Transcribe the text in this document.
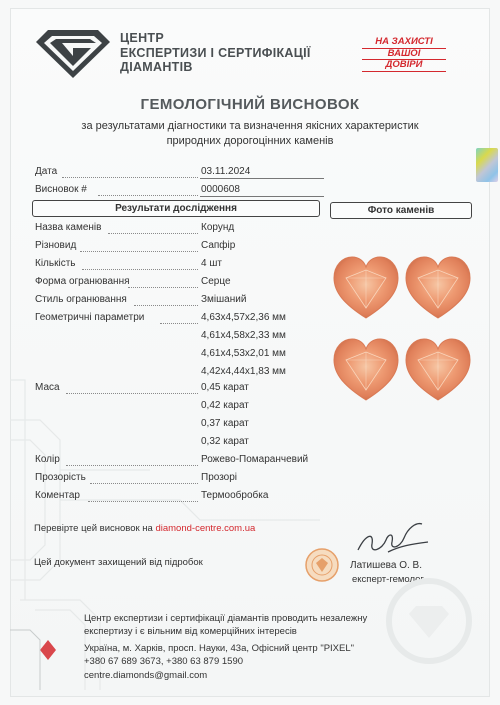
ЦЕНТР
ЕКСПЕРТИЗИ І СЕРТИФІКАЦІЇ
ДІАМАНТІВ
НА ЗАХИСТІ
ВАШОЇ
ДОВІРИ
ГЕМОЛОГІЧНИЙ ВИСНОВОК
за результатами діагностики та визначення якісних характеристик
природних дорогоцінних каменів
Дата	03.11.2024
Висновок #	0000608
Результати дослідження	Фото каменів
Назва каменів	Корунд
Різновид	Сапфір
Кількість	4 шт
Форма огранювання	Серце
Стиль огранювання	Змішаний
Геометричні параметри	4,63x4,57x2,36 мм
4,61x4,58x2,33 мм
4,61x4,53x2,01 мм
4,42x4,44x1,83 мм
Маса	0,45 карат
0,42 карат
0,37 карат
0,32 карат
Колір	Рожево-Помаранчевий
Прозорість	Прозорі
Коментар	Термообробка
Перевірте цей висновок на diamond-centre.com.ua
Цей документ захищений від підробок	Латишева О. В.
експерт-гемолог
Центр експертизи і сертифікації діамантів проводить незалежну
експертизу і є вільним від комерційних інтересів
Україна, м. Харків, просп. Науки, 43а, Офісний центр "PIXEL"
+380 67 689 3673, +380 63 879 1590
centre.diamonds@gmail.com
